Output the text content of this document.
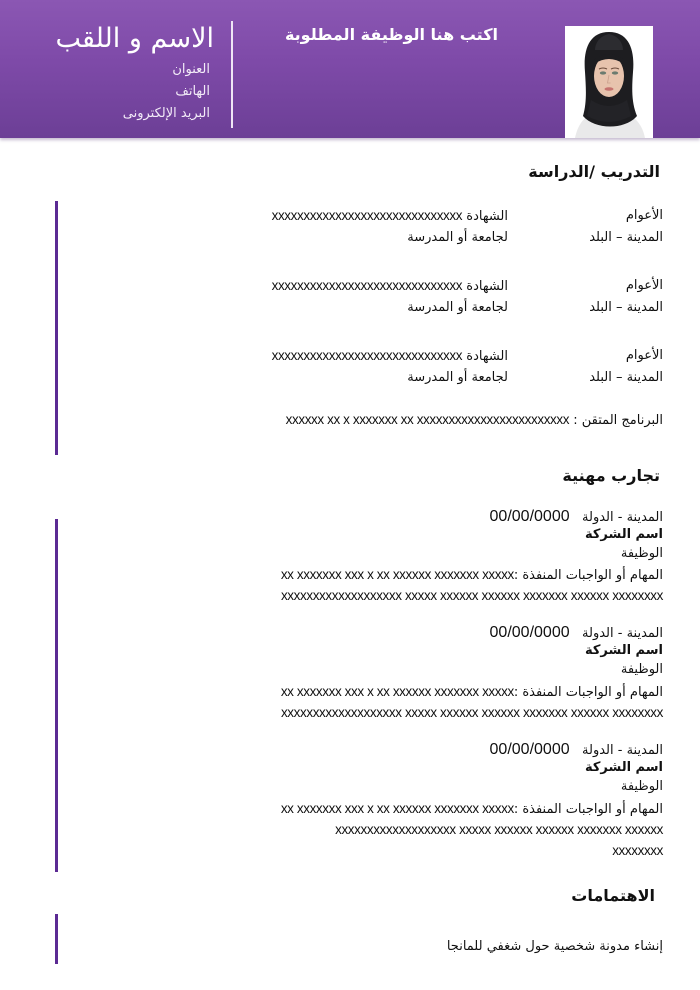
الاسم و اللقب
العنوان
الهاتف
البريد الإلكترونى
اكتب هنا الوظيفة المطلوبة
التدريب /الدراسة
الأعوام
الشهادة xxxxxxxxxxxxxxxxxxxxxxxxxxxxxx
المدينة – البلد
لجامعة أو المدرسة
الأعوام
الشهادة xxxxxxxxxxxxxxxxxxxxxxxxxxxxxx
المدينة – البلد
لجامعة أو المدرسة
الأعوام
الشهادة xxxxxxxxxxxxxxxxxxxxxxxxxxxxxx
المدينة – البلد
لجامعة أو المدرسة
البرنامج المتقن : xxxxxx xx x xxxxxxx xx xxxxxxxxxxxxxxxxxxxxxxxx
تجارب مهنية
المدينة - الدولة   00/00/0000
اسم الشركة
الوظيفة
المهام أو الواجبات المنفذة :xx xxxxxxx xxx x xx xxxxxx xxxxxxx xxxxx
xxxxxxxxxxxxxxxxxxx xxxxx xxxxxx xxxxxx xxxxxxx xxxxxx xxxxxxxx
المدينة - الدولة   00/00/0000
اسم الشركة
الوظيفة
المهام أو الواجبات المنفذة :xx xxxxxxx xxx x xx xxxxxx xxxxxxx xxxxx
xxxxxxxxxxxxxxxxxxx xxxxx xxxxxx xxxxxx xxxxxxx xxxxxx xxxxxxxx
المدينة - الدولة   00/00/0000
اسم الشركة
الوظيفة
المهام أو الواجبات المنفذة :xx xxxxxxx xxx x xx xxxxxx xxxxxxx xxxxx
xxxxxxxxxxxxxxxxxxx xxxxx xxxxxx xxxxxx xxxxxxx xxxxxx
xxxxxxxx
الاهتمامات
إنشاء مدونة شخصية حول شغفي للمانجا
